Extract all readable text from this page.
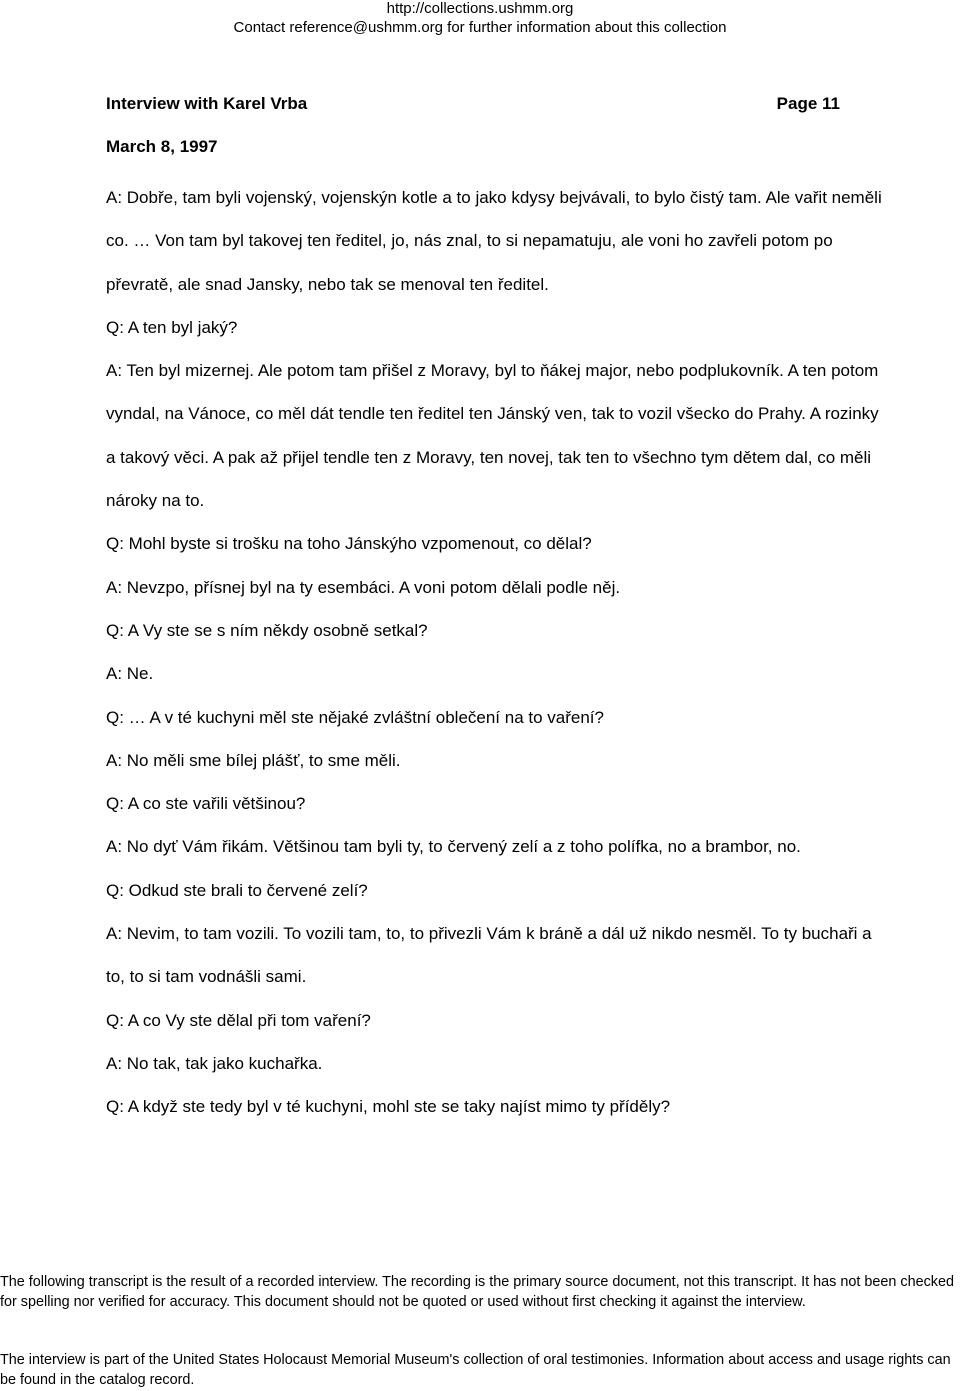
http://collections.ushmm.org
Contact reference@ushmm.org for further information about this collection
Interview with Karel Vrba	Page 11
March 8, 1997

A: Dobře, tam byli vojenský, vojenskýn kotle a to jako kdysy bejvávali, to bylo čistý tam. Ale vařit neměli co. … Von tam byl takovej ten ředitel, jo, nás znal, to si nepamatuju, ale voni ho zavřeli potom po převratě, ale snad Jansky, nebo tak se menoval ten ředitel.

Q: A ten byl jaký?

A: Ten byl mizernej. Ale potom tam přišel z Moravy, byl to ňákej major, nebo podplukovník. A ten potom vyndal, na Vánoce, co měl dát tendle ten ředitel ten Jánský ven, tak to vozil všecko do Prahy. A rozinky a takový věci. A pak až přijel tendle ten z Moravy, ten novej, tak ten to všechno tym dětem dal, co měli nároky na to.

Q: Mohl byste si trošku na toho Jánskýho vzpomenout, co dělal?

A: Nevzpo, přísnej byl na ty esembáci. A voni potom dělali podle něj.

Q: A Vy ste se s ním někdy osobně setkal?

A: Ne.

Q: … A v té kuchyni měl ste nějaké zvláštní oblečení na to vaření?

A: No měli sme bílej plášť, to sme měli.

Q: A co ste vařili většinou?

A: No dyť Vám řikám. Většinou tam byli ty, to červený zelí a z toho polífka, no a brambor, no.

Q: Odkud ste brali to červené zelí?

A: Nevim, to tam vozili. To vozili tam, to, to přivezli Vám k bráně a dál už nikdo nesměl. To ty buchaři a to, to si tam vodnášli sami.

Q: A co Vy ste dělal při tom vaření?

A: No tak, tak jako kuchařka.

Q: A když ste tedy byl v té kuchyni, mohl ste se taky najíst mimo ty příděly?

The following transcript is the result of a recorded interview. The recording is the primary source document, not this transcript. It has not been checked for spelling nor verified for accuracy. This document should not be quoted or used without first checking it against the interview.

The interview is part of the United States Holocaust Memorial Museum's collection of oral testimonies. Information about access and usage rights can be found in the catalog record.
